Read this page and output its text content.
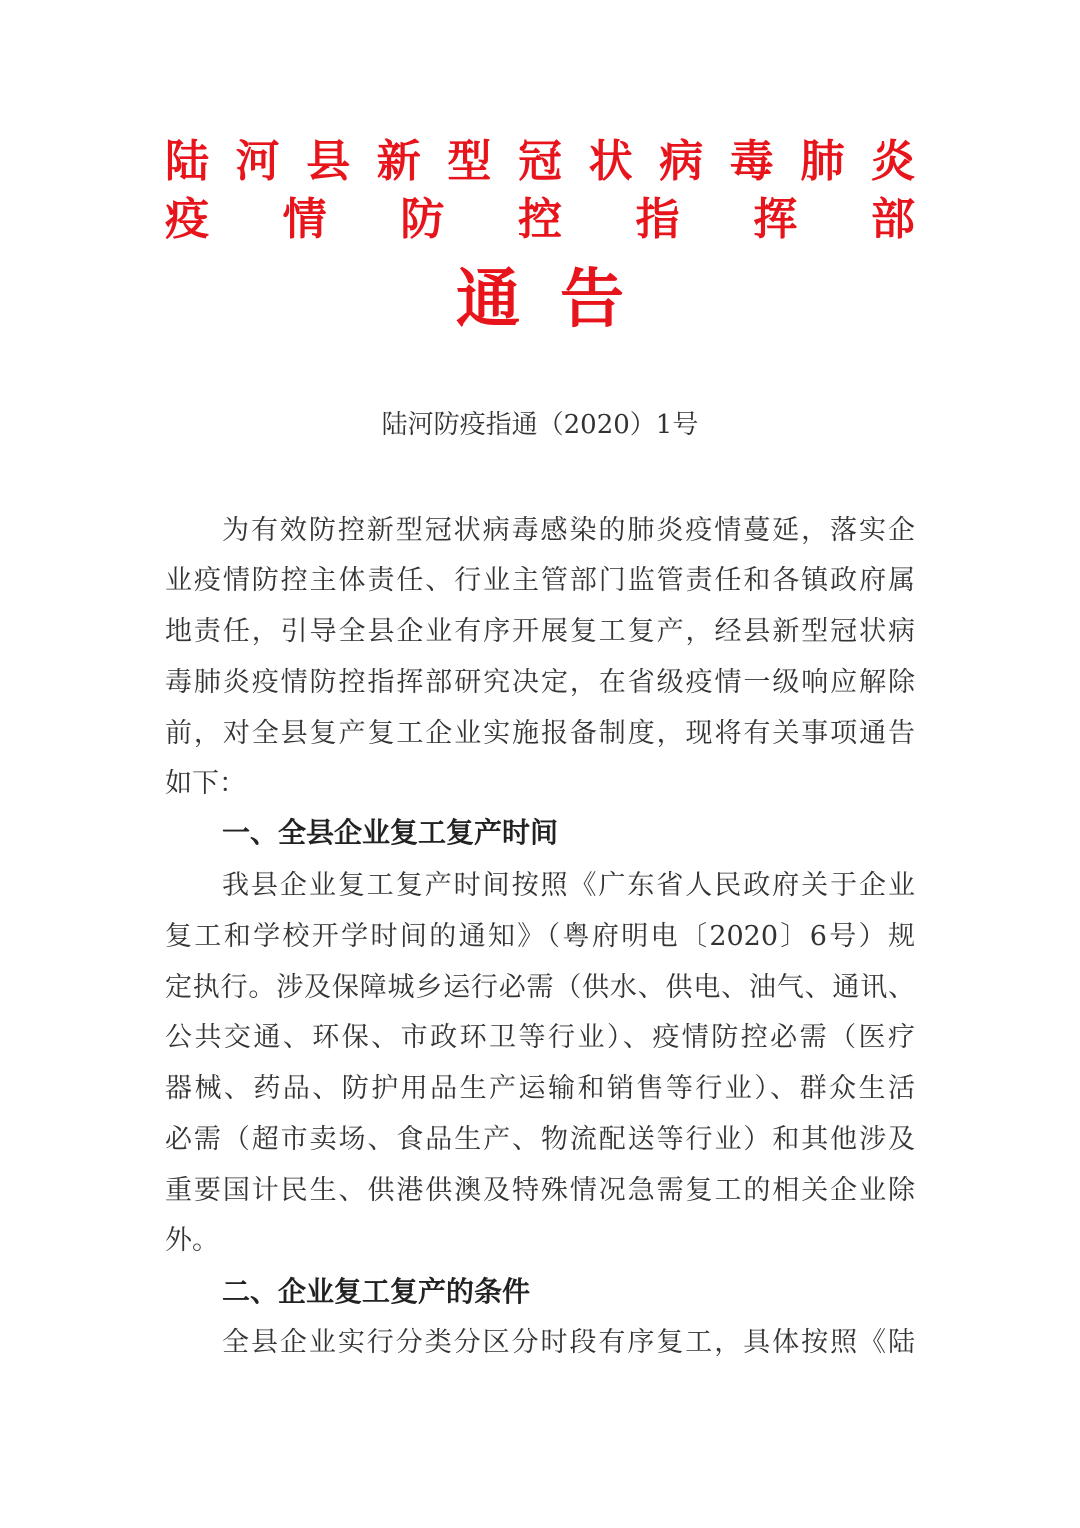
陆河县新型冠状病毒肺炎
疫情防控指挥部
通告
陆河防疫指通（2020）1号
为有效防控新型冠状病毒感染的肺炎疫情蔓延，落实企
业疫情防控主体责任、行业主管部门监管责任和各镇政府属
地责任，引导全县企业有序开展复工复产，经县新型冠状病
毒肺炎疫情防控指挥部研究决定，在省级疫情一级响应解除
前，对全县复产复工企业实施报备制度，现将有关事项通告
如下：
一、全县企业复工复产时间
我县企业复工复产时间按照《广东省人民政府关于企业
复工和学校开学时间的通知》（粤府明电〔2020〕6号）规
定执行。涉及保障城乡运行必需（供水、供电、油气、通讯、
公共交通、环保、市政环卫等行业）、疫情防控必需（医疗
器械、药品、防护用品生产运输和销售等行业）、群众生活
必需（超市卖场、食品生产、物流配送等行业）和其他涉及
重要国计民生、供港供澳及特殊情况急需复工的相关企业除
外。
二、企业复工复产的条件
全县企业实行分类分区分时段有序复工，具体按照《陆
